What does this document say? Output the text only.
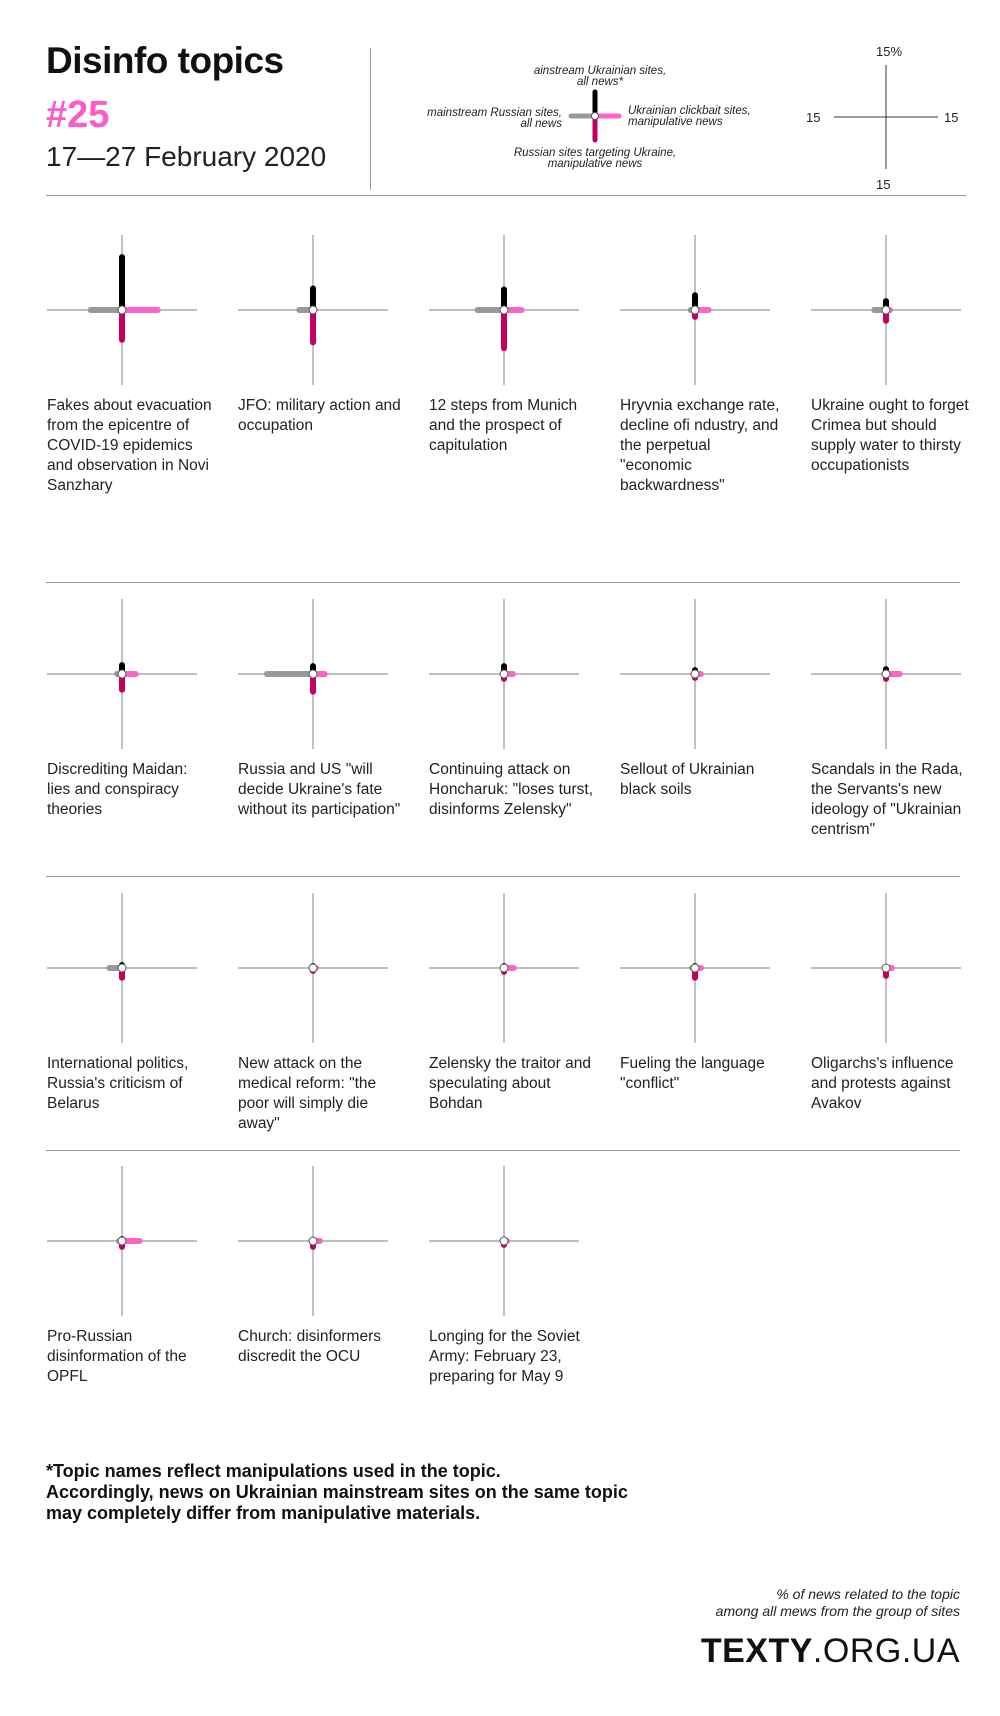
Disinfo topics
#25
17—27 February 2020
ainstream Ukrainian sites,
all news*
mainstream Russian sites,
all news
Ukrainian clickbait sites,
manipulative news
Russian sites targeting Ukraine,
manipulative news
15%
15	15
15
Fakes about evacuation from the epicentre of COVID-19 epidemics and observation in Novi Sanzhary
JFO: military action and occupation
12 steps from Munich and the prospect of capitulation
Hryvnia exchange rate, decline ofi ndustry, and the perpetual "economic backwardness"
Ukraine ought to forget Crimea but should supply water to thirsty occupationists
Discrediting Maidan: lies and conspiracy theories
Russia and US "will decide Ukraine's fate without its participation"
Continuing attack on Honcharuk: "loses turst, disinforms Zelensky"
Sellout of Ukrainian black soils
Scandals in the Rada, the Servants's new ideology of "Ukrainian centrism"
International politics, Russia's criticism of Belarus
New attack on the medical reform: "the poor will simply die away"
Zelensky the traitor and speculating about Bohdan
Fueling the language "conflict"
Oligarchs's influence and protests against Avakov
Pro-Russian disinformation of the OPFL
Church: disinformers discredit the OCU
Longing for the Soviet Army: February 23, preparing for May 9
*Topic names reflect manipulations used in the topic.
Accordingly, news on Ukrainian mainstream sites on the same topic
may completely differ from manipulative materials.
% of news related to the topic
among all mews from the group of sites
TEXTY.ORG.UA
